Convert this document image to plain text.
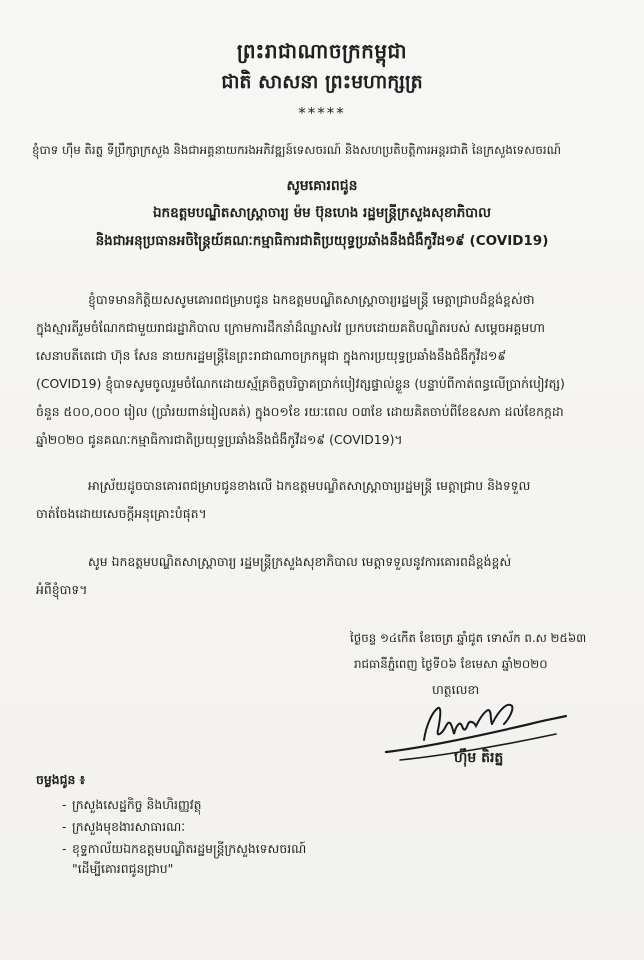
ព្រះរាជាណាចក្រកម្ពុជា
ជាតិ សាសនា ព្រះមហាក្សត្រ
*****
ខ្ញុំបាទ ហ៊ឹម តិរត្ន ទីប្រឹក្សាក្រសួង និងជាអគ្គនាយករងអភិវឌ្ឍន៍ទេសចរណ៍ និងសហប្រតិបត្តិការអន្តរជាតិ នៃក្រសួងទេសចរណ៍
សូមគោរពជូន
ឯកឧត្តមបណ្ឌិតសាស្ត្រាចារ្យ ម៉ម ប៊ុនហេង រដ្ឋមន្ត្រីក្រសួងសុខាភិបាល
និងជាអនុប្រធានអចិន្ត្រៃយ៍គណៈកម្មាធិការជាតិប្រយុទ្ធប្រឆាំងនឹងជំងឺកូវីដ១៩ (COVID19)
ខ្ញុំបាទមានកិត្តិយសសូមគោរពជម្រាបជូន ឯកឧត្តមបណ្ឌិតសាស្ត្រាចារ្យរដ្ឋមន្ត្រី មេត្តាជ្រាបដ៏ខ្ពង់ខ្ពស់ថា
ក្នុងស្មារតីរួមចំណែកជាមួយរាជរដ្ឋាភិបាល ក្រោមការដឹកនាំដ៏ឈ្លាសវៃ ប្រកបដោយគតិបណ្ឌិតរបស់ សម្ដេចអគ្គមហា
សេនាបតីតេជោ ហ៊ុន សែន នាយករដ្ឋមន្ត្រីនៃព្រះរាជាណាចក្រកម្ពុជា ក្នុងការប្រយុទ្ធប្រឆាំងនឹងជំងឺកូវីដ១៩
(COVID19) ខ្ញុំបាទសូមចូលរួមចំណែកដោយស្ម័គ្រចិត្តបរិច្ចាគប្រាក់បៀវត្សផ្ទាល់ខ្លួន (បន្ទាប់ពីកាត់ពន្ធលើប្រាក់បៀវត្ស)
ចំនួន ៥០០,០០០ រៀល (ប្រាំរយពាន់រៀលគត់) ក្នុង០១ខែ រយៈពេល ០៣ខែ ដោយគិតចាប់ពីខែឧសភា ដល់ខែកក្កដា
ឆ្នាំ២០២០ ជូនគណៈកម្មាធិការជាតិប្រយុទ្ធប្រឆាំងនឹងជំងឺកូវីដ១៩ (COVID19)។
អាស្រ័យដូចបានគោរពជម្រាបជូនខាងលើ ឯកឧត្តមបណ្ឌិតសាស្ត្រាចារ្យរដ្ឋមន្ត្រី មេត្តាជ្រាប និងទទួល
ចាត់ចែងដោយសេចក្តីអនុគ្រោះបំផុត។
សូម ឯកឧត្តមបណ្ឌិតសាស្ត្រាចារ្យ រដ្ឋមន្ត្រីក្រសួងសុខាភិបាល មេត្តាទទួលនូវការគោរពដ៏ខ្ពង់ខ្ពស់
អំពីខ្ញុំបាទ។
ថ្ងៃចន្ទ ១៤កើត ខែចេត្រ ឆ្នាំជូត ទោស័ក ព.ស ២៥៦៣
រាជធានីភ្នំពេញ ថ្ងៃទី០៦ ខែមេសា ឆ្នាំ២០២០
ហត្ថលេខា
ហ៊ឹម តិរត្ន
ចម្លងជូន ៖
- ក្រសួងសេដ្ឋកិច្ច និងហិរញ្ញវត្ថុ
- ក្រសួងមុខងារសាធារណៈ
- ខុទ្ទកាល័យឯកឧត្តមបណ្ឌិតរដ្ឋមន្ត្រីក្រសួងទេសចរណ៍
"ដើម្បីគោរពជូនជ្រាប"
